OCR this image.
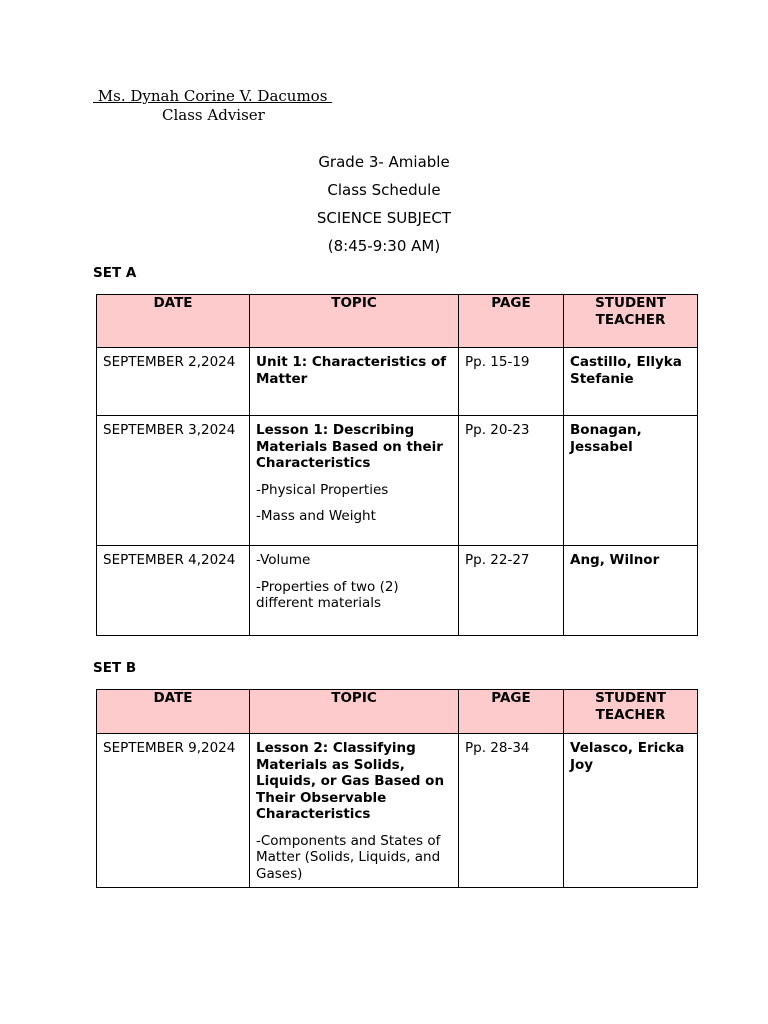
Ms. Dynah Corine V. Dacumos
Class Adviser
Grade 3- Amiable
Class Schedule
SCIENCE SUBJECT
(8:45-9:30 AM)
SET A
DATE	TOPIC	PAGE	STUDENT TEACHER
SEPTEMBER 2,2024	Unit 1: Characteristics of Matter	Pp. 15-19	Castillo, Ellyka Stefanie
SEPTEMBER 3,2024	Lesson 1: Describing Materials Based on their Characteristics
-Physical Properties
-Mass and Weight	Pp. 20-23	Bonagan, Jessabel
SEPTEMBER 4,2024	-Volume
-Properties of two (2) different materials	Pp. 22-27	Ang, Wilnor
SET B
DATE	TOPIC	PAGE	STUDENT TEACHER
SEPTEMBER 9,2024	Lesson 2: Classifying Materials as Solids, Liquids, or Gas Based on Their Observable Characteristics
-Components and States of Matter (Solids, Liquids, and Gases)	Pp. 28-34	Velasco, Ericka Joy
